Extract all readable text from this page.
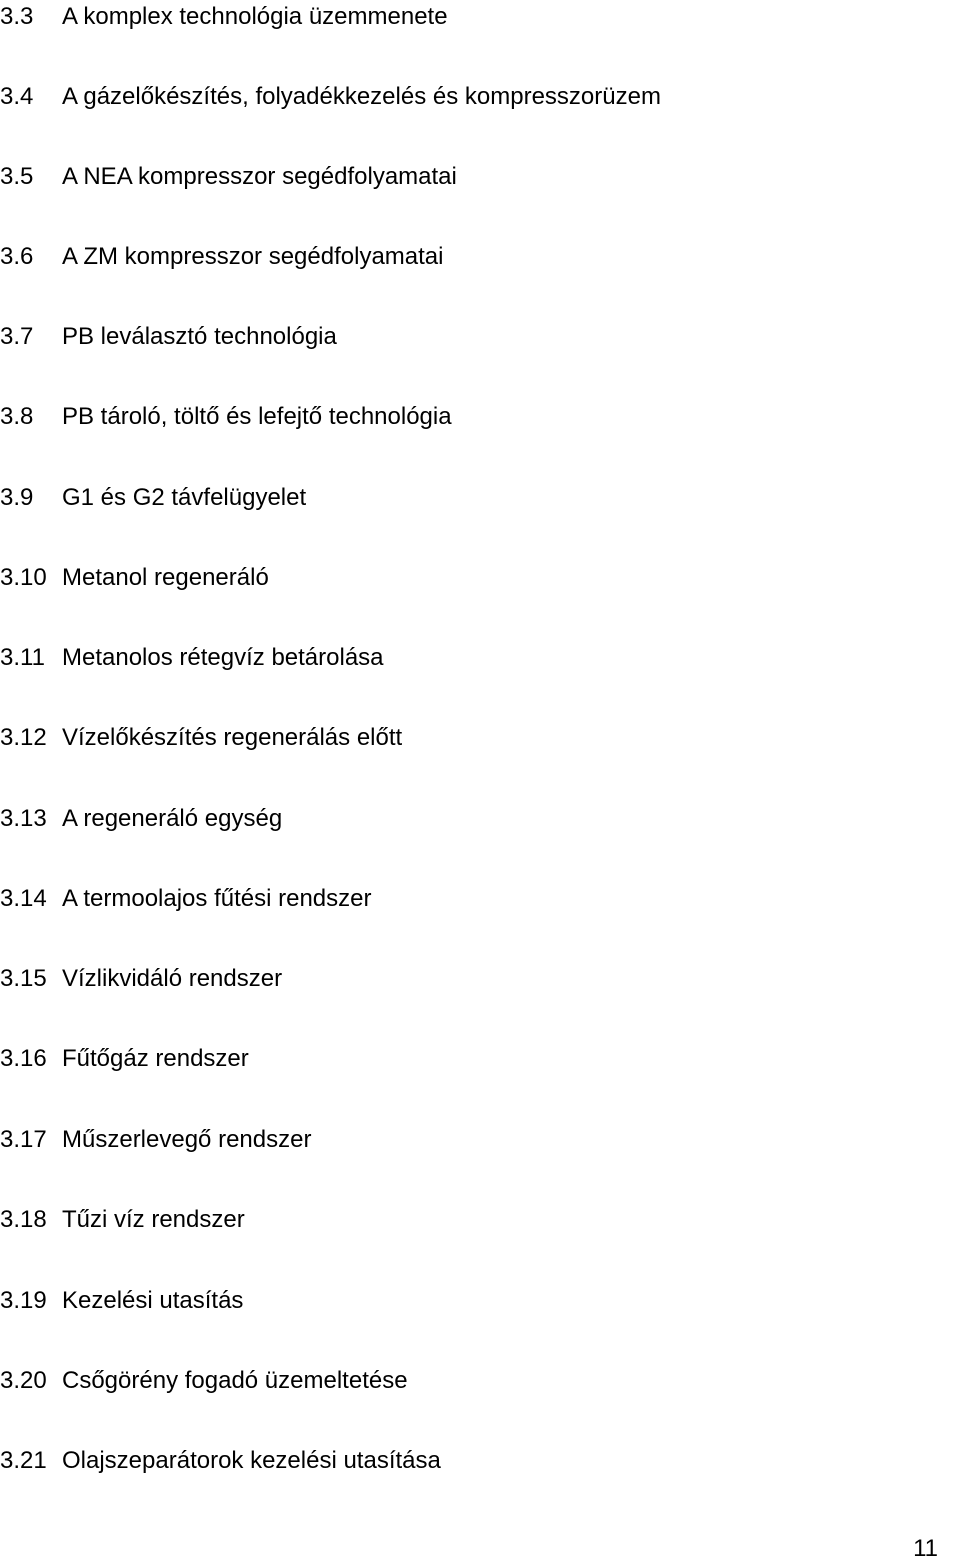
3.3 A komplex technológia üzemmenete
3.4 A gázelőkészítés, folyadékkezelés és kompresszorüzem
3.5 A NEA kompresszor segédfolyamatai
3.6 A ZM kompresszor segédfolyamatai
3.7 PB leválasztó technológia
3.8 PB tároló, töltő és lefejtő technológia
3.9 G1 és G2 távfelügyelet
3.10 Metanol regeneráló
3.11 Metanolos rétegvíz betárolása
3.12 Vízelőkészítés regenerálás előtt
3.13 A regeneráló egység
3.14 A termoolajos fűtési rendszer
3.15 Vízlikvidáló rendszer
3.16 Fűtőgáz rendszer
3.17 Műszerlevegő rendszer
3.18 Tűzi víz rendszer
3.19 Kezelési utasítás
3.20 Csőgörény fogadó üzemeltetése
3.21 Olajszeparátorok kezelési utasítása
11
